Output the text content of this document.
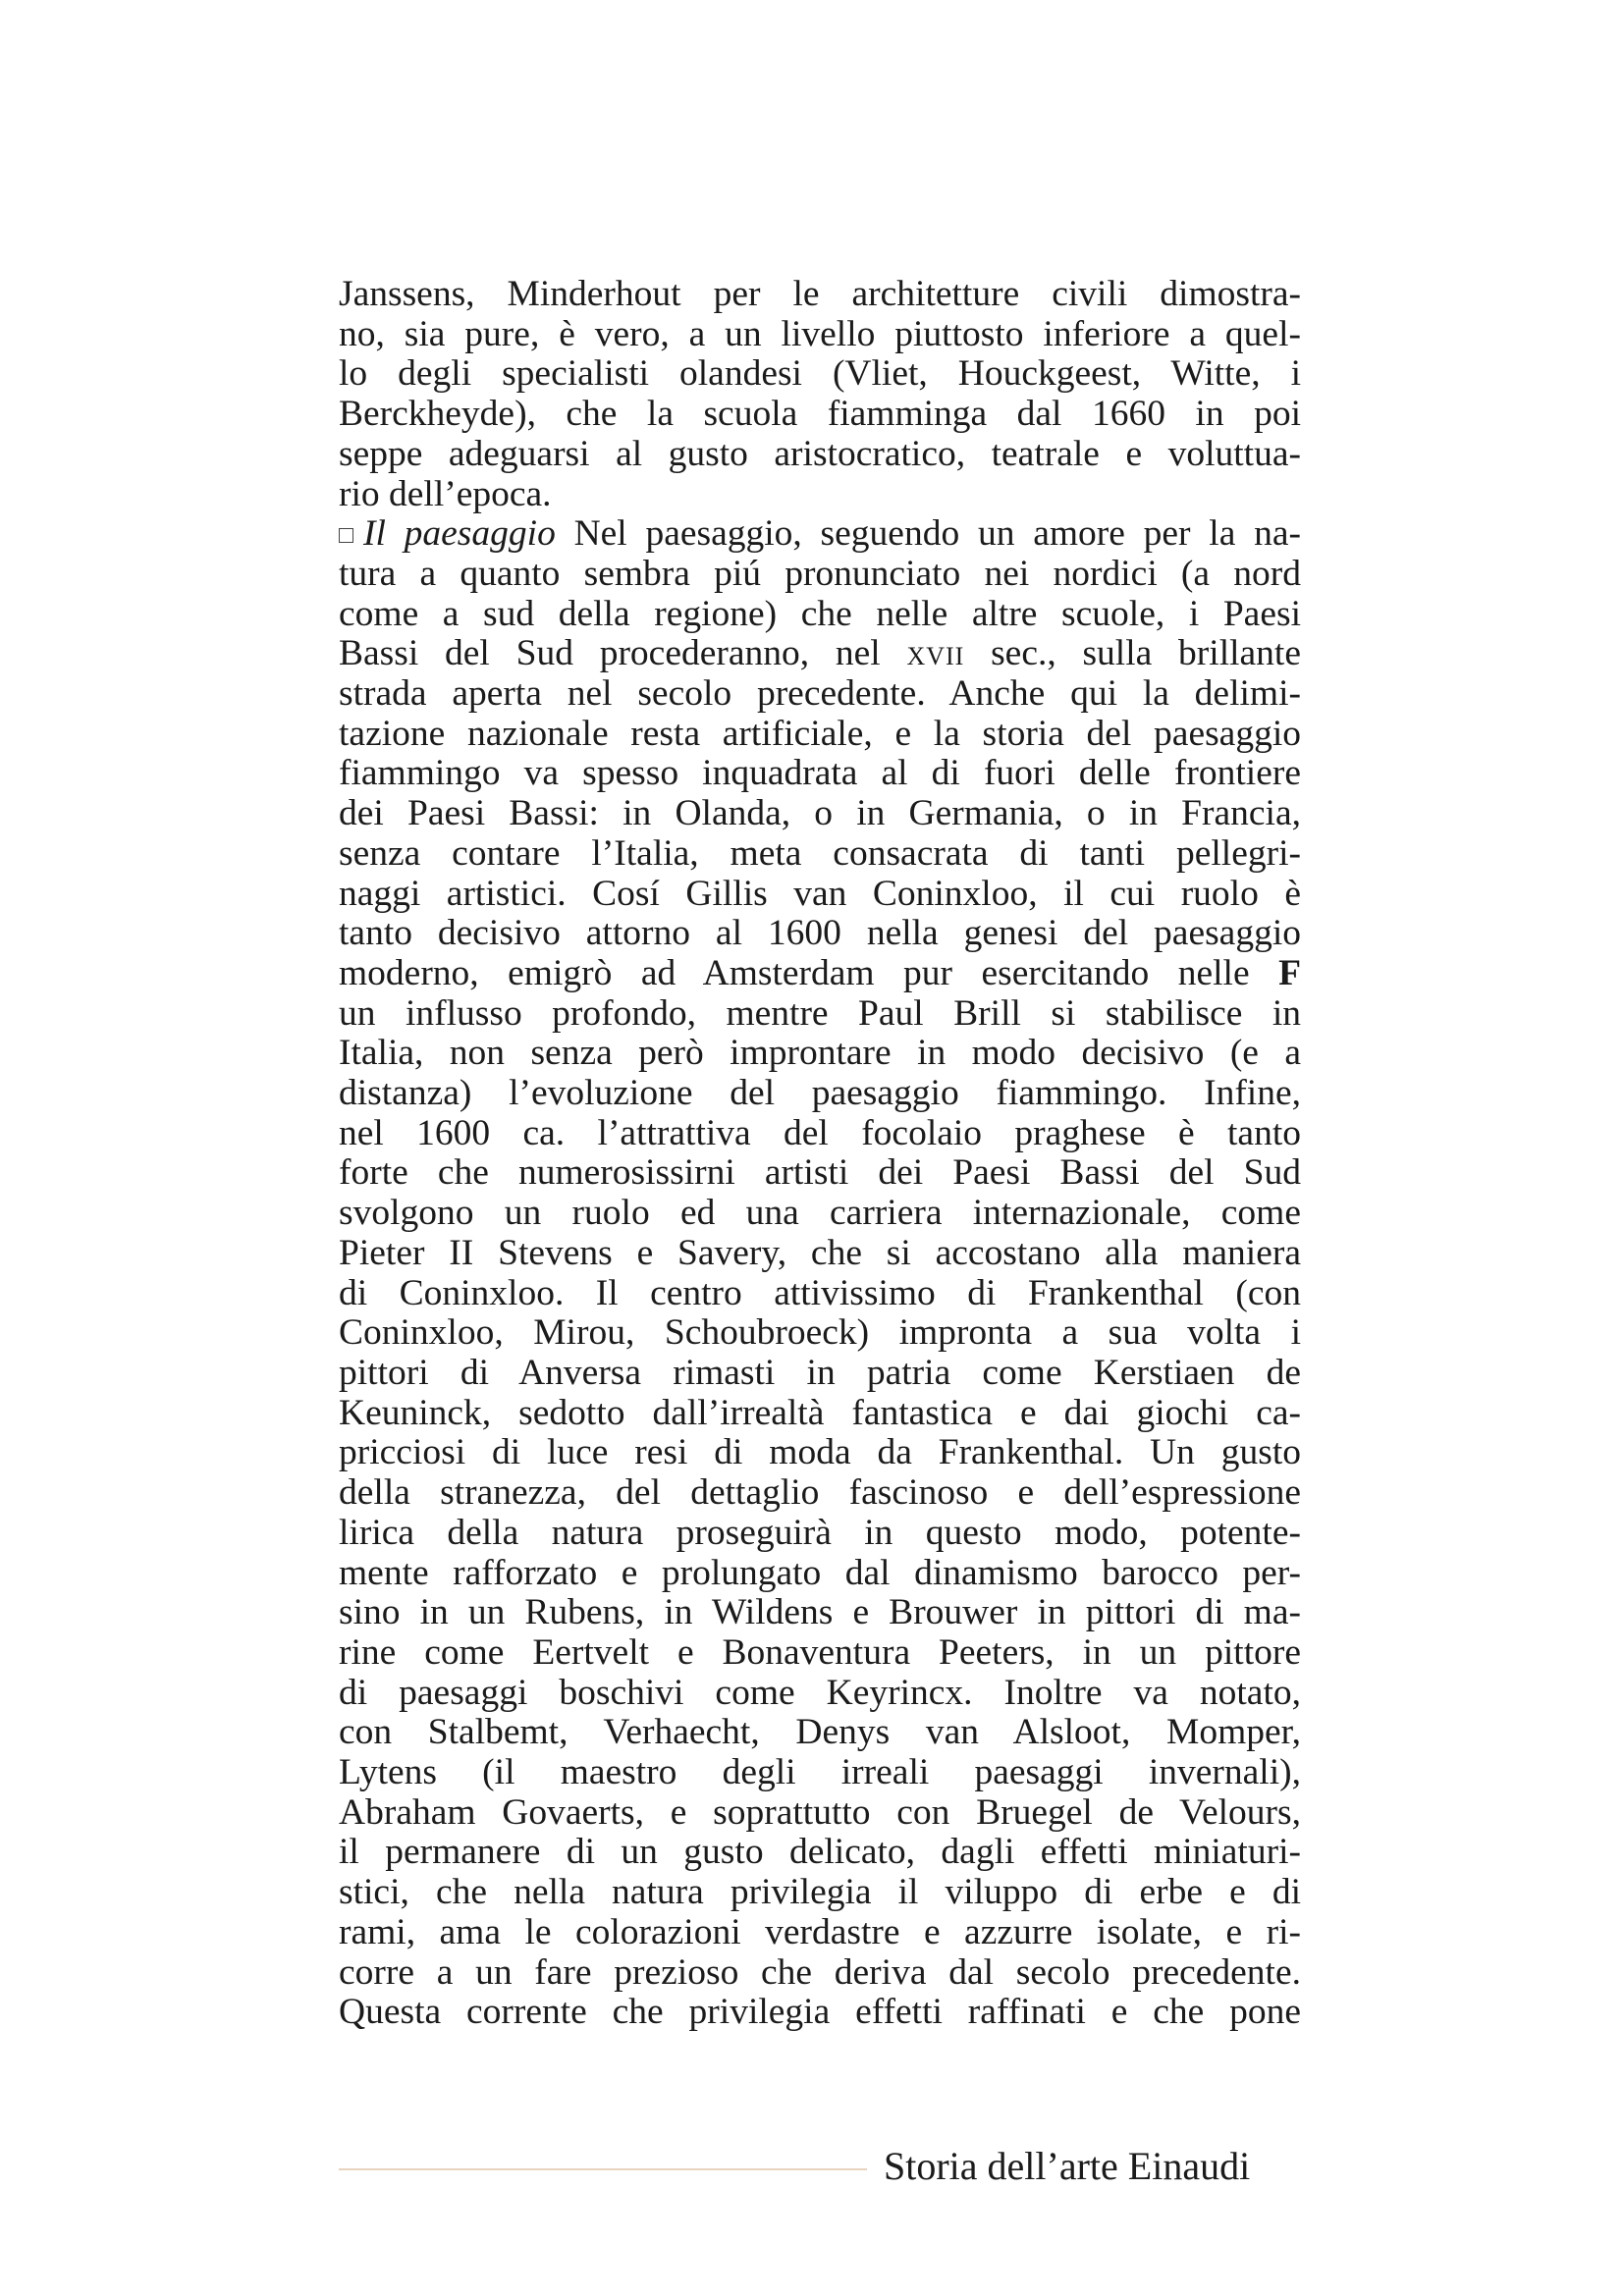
Janssens, Minderhout per le architetture civili dimostra-
no, sia pure, è vero, a un livello piuttosto inferiore a quel-
lo degli specialisti olandesi (Vliet, Houckgeest, Witte, i
Berckheyde), che la scuola fiamminga dal 1660 in poi
seppe adeguarsi al gusto aristocratico, teatrale e voluttua-
rio dell’epoca.
Il paesaggio Nel paesaggio, seguendo un amore per la na-
tura a quanto sembra piú pronunciato nei nordici (a nord
come a sud della regione) che nelle altre scuole, i Paesi
Bassi del Sud procederanno, nel xvii sec., sulla brillante
strada aperta nel secolo precedente. Anche qui la delimi-
tazione nazionale resta artificiale, e la storia del paesaggio
fiammingo va spesso inquadrata al di fuori delle frontiere
dei Paesi Bassi: in Olanda, o in Germania, o in Francia,
senza contare l’Italia, meta consacrata di tanti pellegri-
naggi artistici. Cosí Gillis van Coninxloo, il cui ruolo è
tanto decisivo attorno al 1600 nella genesi del paesaggio
moderno, emigrò ad Amsterdam pur esercitando nelle F
un influsso profondo, mentre Paul Brill si stabilisce in
Italia, non senza però improntare in modo decisivo (e a
distanza) l’evoluzione del paesaggio fiammingo. Infine,
nel 1600 ca. l’attrattiva del focolaio praghese è tanto
forte che numerosissirni artisti dei Paesi Bassi del Sud
svolgono un ruolo ed una carriera internazionale, come
Pieter II Stevens e Savery, che si accostano alla maniera
di Coninxloo. Il centro attivissimo di Frankenthal (con
Coninxloo, Mirou, Schoubroeck) impronta a sua volta i
pittori di Anversa rimasti in patria come Kerstiaen de
Keuninck, sedotto dall’irrealtà fantastica e dai giochi ca-
pricciosi di luce resi di moda da Frankenthal. Un gusto
della stranezza, del dettaglio fascinoso e dell’espressione
lirica della natura proseguirà in questo modo, potente-
mente rafforzato e prolungato dal dinamismo barocco per-
sino in un Rubens, in Wildens e Brouwer in pittori di ma-
rine come Eertvelt e Bonaventura Peeters, in un pittore
di paesaggi boschivi come Keyrincx. Inoltre va notato,
con Stalbemt, Verhaecht, Denys van Alsloot, Momper,
Lytens (il maestro degli irreali paesaggi invernali),
Abraham Govaerts, e soprattutto con Bruegel de Velours,
il permanere di un gusto delicato, dagli effetti miniaturi-
stici, che nella natura privilegia il viluppo di erbe e di
rami, ama le colorazioni verdastre e azzurre isolate, e ri-
corre a un fare prezioso che deriva dal secolo precedente.
Questa corrente che privilegia effetti raffinati e che pone
Storia dell’arte Einaudi
